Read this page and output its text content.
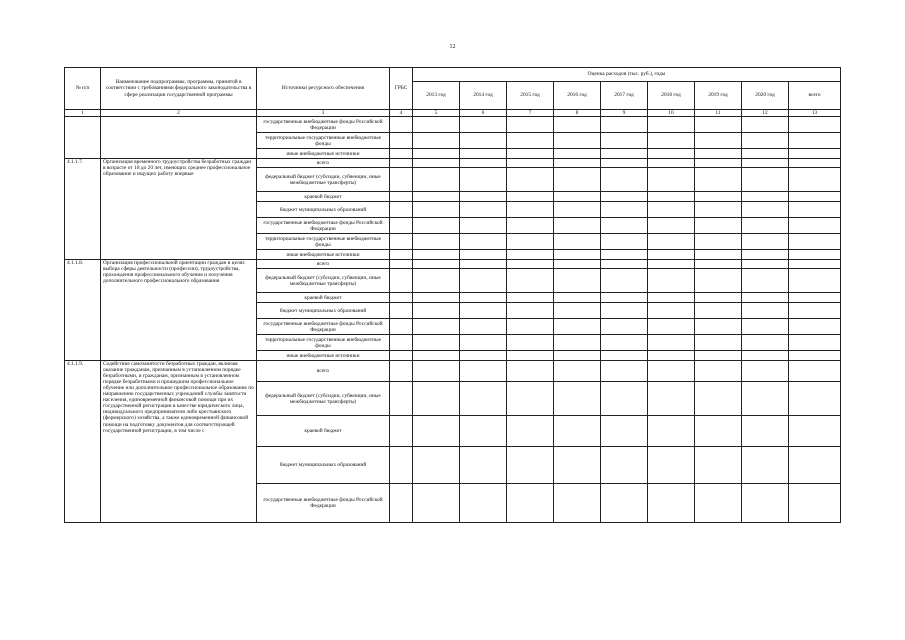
12
№ п/п	Наименование подпрограммы, программы, принятой в соответствии с требованиями федерального законодательства в сфере реализации государственной программы	Источники ресурсного обеспечения	ГРБС	Оценка расходов (тыс. руб.), годы								
				2013 год	2014 год	2015 год	2016 год	2017 год	2018 год	2019 год	2020 год	всего
1	2	3	4	5	6	7	8	9	10	11	12	13
		государственные внебюджетные фонды Российской Федерации										
		территориальные государственные внебюджетные фонды										
		иные внебюджетные источники										
4.1.1.7.	Организация временного трудоустройства безработных граждан в возрасте от 18 до 20 лет, имеющих среднее профессиональное образование и ищущих работу впервые	всего										
		федеральный бюджет (субсидии, субвенции, иные межбюджетные трансферты)										
		краевой бюджет										
		бюджет муниципальных образований										
		государственные внебюджетные фонды Российской Федерации										
		территориальные государственные внебюджетные фонды										
		иные внебюджетные источники										
4.1.1.8.	Организация профессиональной ориентации граждан в целях выбора сферы деятельности (профессии), трудоустройства, прохождения профессионального обучения и получения дополнительного профессионального образования	всего										
		федеральный бюджет (субсидии, субвенции, иные межбюджетные трансферты)										
		краевой бюджет										
		бюджет муниципальных образований										
		государственные внебюджетные фонды Российской Федерации										
		территориальные государственные внебюджетные фонды										
		иные внебюджетные источники										
4.1.1.9.	Содействие самозанятости безработных граждан, включая оказание гражданам, признанным в установленном порядке безработными, и гражданам, признанным в установленном порядке безработными и прошедшим профессиональное обучение или дополнительное профессиональное образование по направлению государственных учреждений службы занятости населения, единовременной финансовой помощи при их государственной регистрации в качестве юридического лица, индивидуального предпринимателя либо крестьянского (фермерского) хозяйства, а также единовременной финансовой помощи на подготовку документов для соответствующей государственной регистрации, в том числе с	всего										
		федеральный бюджет (субсидии, субвенции, иные межбюджетные трансферты)										
		краевой бюджет										
		бюджет муниципальных образований										
		государственные внебюджетные фонды Российской Федерации										
